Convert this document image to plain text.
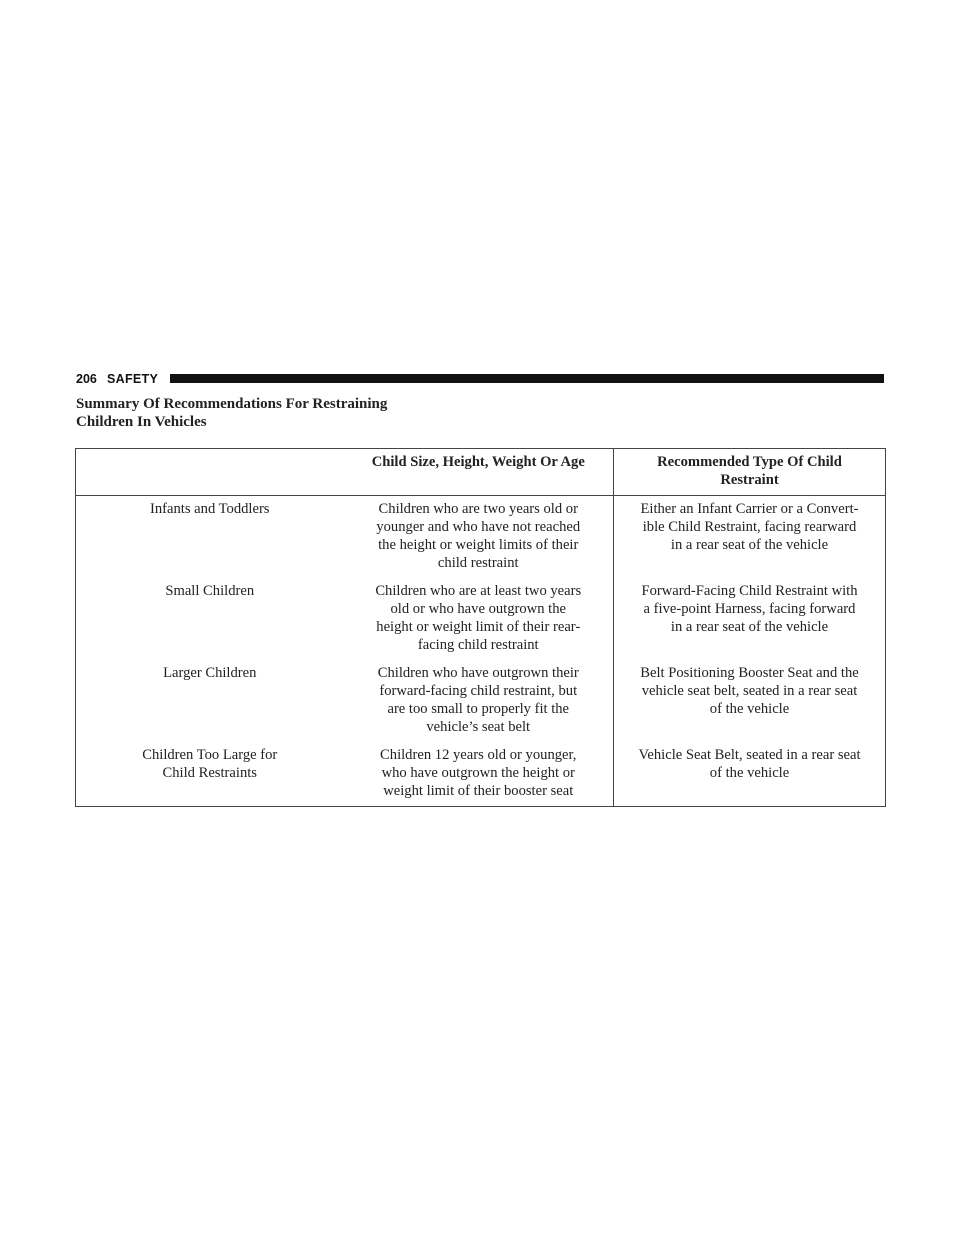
206 SAFETY
Summary Of Recommendations For Restraining
Children In Vehicles

	Child Size, Height, Weight Or Age	Recommended Type Of Child
Restraint

Infants and Toddlers	Children who are two years old or
younger and who have not reached
the height or weight limits of their
child restraint	Either an Infant Carrier or a Convert-
ible Child Restraint, facing rearward
in a rear seat of the vehicle

Small Children	Children who are at least two years
old or who have outgrown the
height or weight limit of their rear-
facing child restraint	Forward-Facing Child Restraint with
a five-point Harness, facing forward
in a rear seat of the vehicle

Larger Children	Children who have outgrown their
forward-facing child restraint, but
are too small to properly fit the
vehicle’s seat belt	Belt Positioning Booster Seat and the
vehicle seat belt, seated in a rear seat
of the vehicle

Children Too Large for
Child Restraints	Children 12 years old or younger,
who have outgrown the height or
weight limit of their booster seat	Vehicle Seat Belt, seated in a rear seat
of the vehicle
